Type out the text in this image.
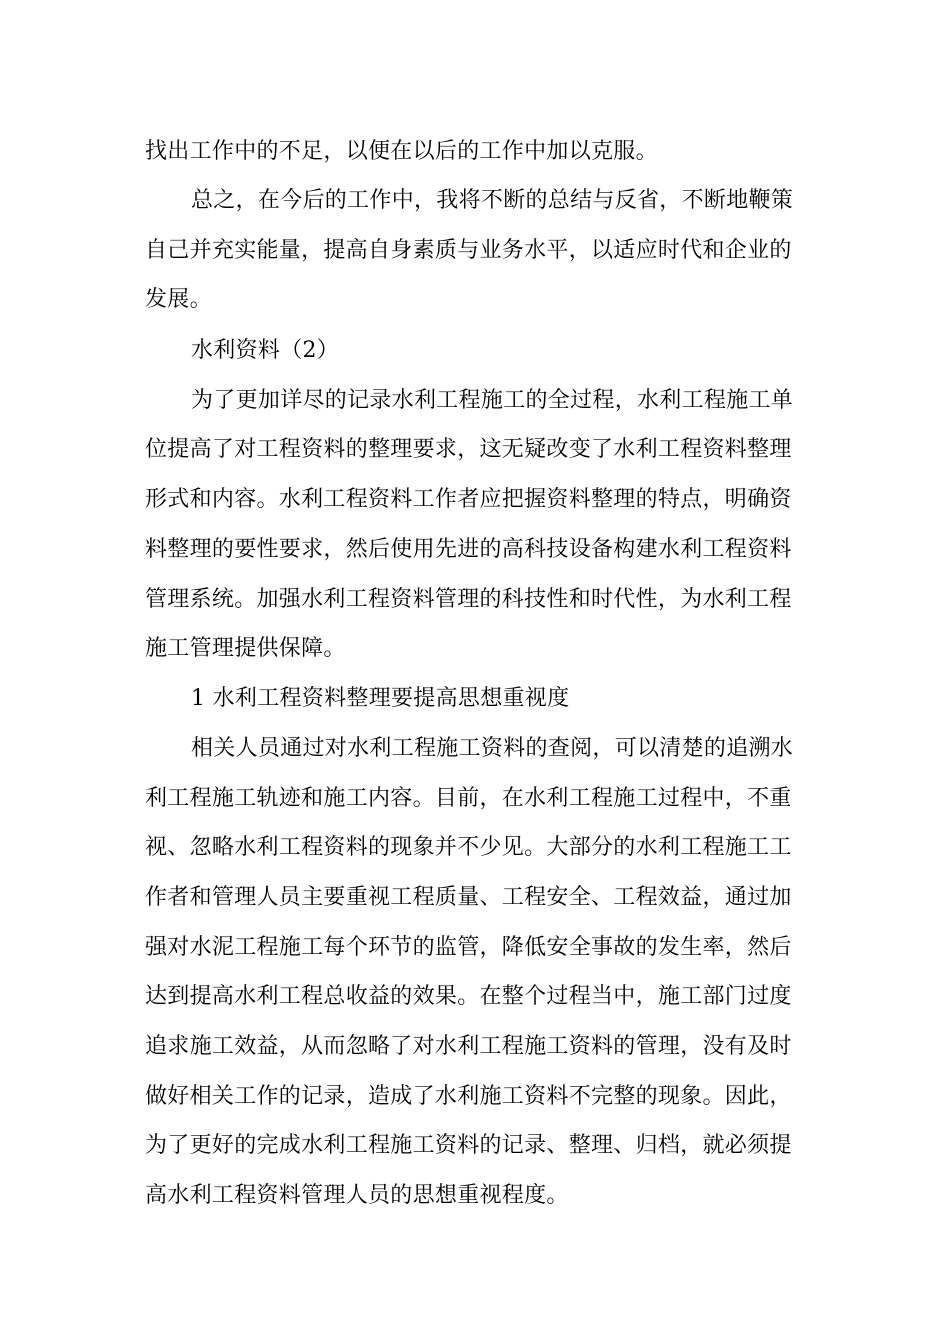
找出工作中的不足，以便在以后的工作中加以克服。
总之，在今后的工作中，我将不断的总结与反省，不断地鞭策
自己并充实能量，提高自身素质与业务水平，以适应时代和企业的
发展。
水利资料（2）
为了更加详尽的记录水利工程施工的全过程，水利工程施工单
位提高了对工程资料的整理要求，这无疑改变了水利工程资料整理
形式和内容。水利工程资料工作者应把握资料整理的特点，明确资
料整理的要性要求，然后使用先进的高科技设备构建水利工程资料
管理系统。加强水利工程资料管理的科技性和时代性，为水利工程
施工管理提供保障。
1 水利工程资料整理要提高思想重视度
相关人员通过对水利工程施工资料的查阅，可以清楚的追溯水
利工程施工轨迹和施工内容。目前，在水利工程施工过程中，不重
视、忽略水利工程资料的现象并不少见。大部分的水利工程施工工
作者和管理人员主要重视工程质量、工程安全、工程效益，通过加
强对水泥工程施工每个环节的监管，降低安全事故的发生率，然后
达到提高水利工程总收益的效果。在整个过程当中，施工部门过度
追求施工效益，从而忽略了对水利工程施工资料的管理，没有及时
做好相关工作的记录，造成了水利施工资料不完整的现象。因此，
为了更好的完成水利工程施工资料的记录、整理、归档，就必须提
高水利工程资料管理人员的思想重视程度。
